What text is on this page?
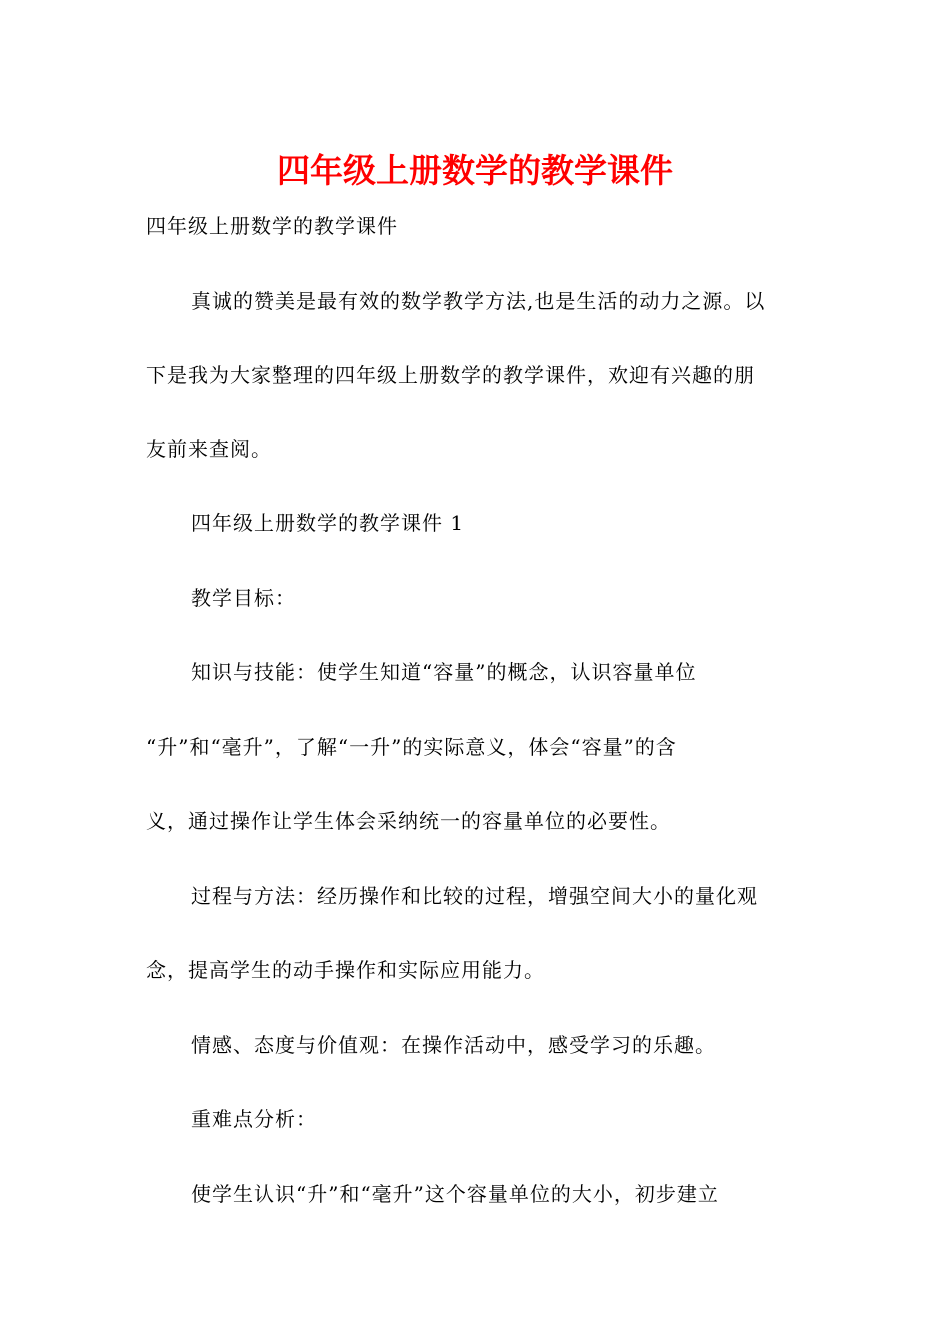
四年级上册数学的教学课件

四年级上册数学的教学课件

真诚的赞美是最有效的数学教学方法,也是生活的动力之源。以

下是我为大家整理的四年级上册数学的教学课件，欢迎有兴趣的朋

友前来查阅。

四年级上册数学的教学课件 1

教学目标：

知识与技能：使学生知道“容量”的概念，认识容量单位

“升”和“毫升”，了解“一升”的实际意义，体会“容量”的含

义，通过操作让学生体会采纳统一的容量单位的必要性。

过程与方法：经历操作和比较的过程，增强空间大小的量化观

念，提高学生的动手操作和实际应用能力。

情感、态度与价值观：在操作活动中，感受学习的乐趣。

重难点分析：

使学生认识“升”和“毫升”这个容量单位的大小，初步建立
